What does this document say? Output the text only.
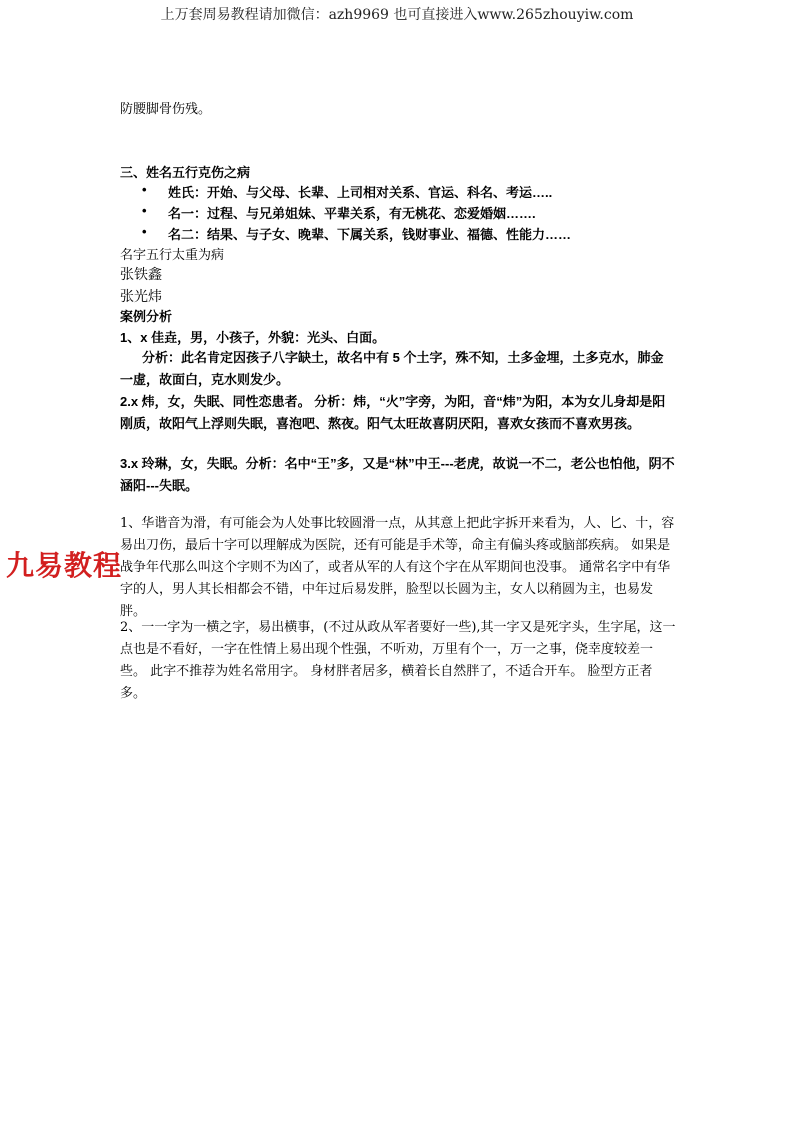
上万套周易教程请加微信：azh9969 也可直接进入www.265zhouyiw.com
九易教程
防腰脚骨伤残。
三、姓名五行克伤之病
• 姓氏：开始、与父母、长辈、上司相对关系、官运、科名、考运…..
• 名一：过程、与兄弟姐妹、平辈关系，有无桃花、恋爱婚姻…….
• 名二：结果、与子女、晚辈、下属关系，钱财事业、福德、性能力……
名字五行太重为病
张铁鑫
张光炜
案例分析
1、x 佳垚，男，小孩子，外貌：光头、白面。
分析：此名肯定因孩子八字缺土，故名中有 5 个土字，殊不知，土多金埋，土多克水，肺金一虚，故面白，克水则发少。
2.x 炜，女，失眠、同性恋患者。 分析：炜，“火”字旁，为阳，音“炜”为阳，本为女儿身却是阳刚质，故阳气上浮则失眠，喜泡吧、熬夜。阳气太旺故喜阴厌阳，喜欢女孩而不喜欢男孩。
3.x 玲琳，女，失眠。分析：名中“王”多，又是“林”中王---老虎，故说一不二，老公也怕他，阴不涵阳---失眠。
1、华谐音为滑，有可能会为人处事比较圆滑一点，从其意上把此字拆开来看为，人、匕、十，容易出刀伤，最后十字可以理解成为医院，还有可能是手术等，命主有偏头疼或脑部疾病。 如果是战争年代那么叫这个字则不为凶了，或者从军的人有这个字在从军期间也没事。 通常名字中有华字的人，男人其长相都会不错，中年过后易发胖，脸型以长圆为主，女人以稍圆为主，也易发胖。
2、一一字为一横之字，易出横事，(不过从政从军者要好一些),其一字又是死字头，生字尾，这一点也是不看好，一字在性情上易出现个性强，不听劝，万里有个一，万一之事，侥幸度较差一些。 此字不推荐为姓名常用字。 身材胖者居多，横着长自然胖了，不适合开车。 脸型方正者多。
